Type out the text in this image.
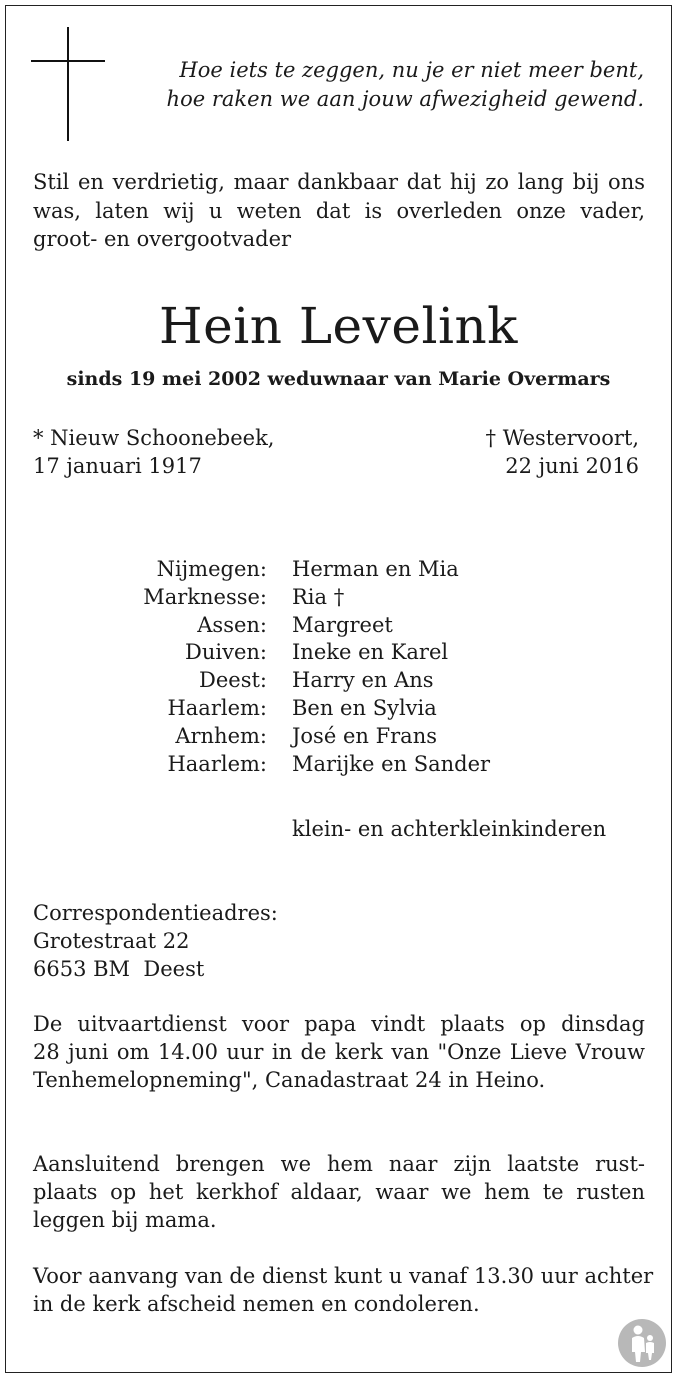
Hoe iets te zeggen, nu je er niet meer bent,
hoe raken we aan jouw afwezigheid gewend.
Stil en verdrietig, maar dankbaar dat hij zo lang bij ons
was, laten wij u weten dat is overleden onze vader,
groot- en overgootvader
Hein Levelink
sinds 19 mei 2002 weduwnaar van Marie Overmars
* Nieuw Schoonebeek,
17 januari 1917
† Westervoort,
22 juni 2016
Nijmegen: Herman en Mia
Marknesse: Ria †
Assen: Margreet
Duiven: Ineke en Karel
Deest: Harry en Ans
Haarlem: Ben en Sylvia
Arnhem: José en Frans
Haarlem: Marijke en Sander
klein- en achterkleinkinderen
Correspondentieadres:
Grotestraat 22
6653 BM  Deest
De uitvaartdienst voor papa vindt plaats op dinsdag
28 juni om 14.00 uur in de kerk van "Onze Lieve Vrouw
Tenhemelopneming", Canadastraat 24 in Heino.
Aansluitend brengen we hem naar zijn laatste rust-
plaats op het kerkhof aldaar, waar we hem te rusten
leggen bij mama.
Voor aanvang van de dienst kunt u vanaf 13.30 uur achter
in de kerk afscheid nemen en condoleren.
